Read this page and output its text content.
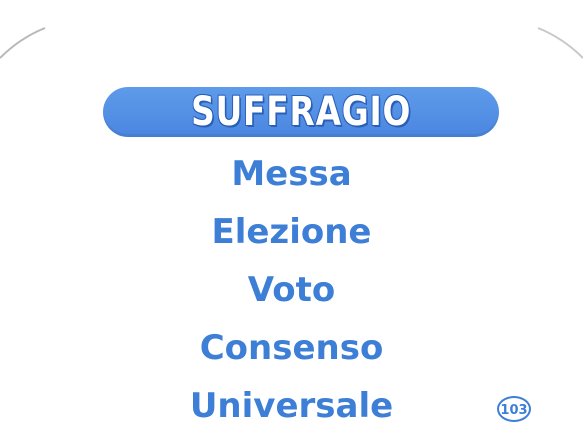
SUFFRAGIO
Messa
Elezione
Voto
Consenso
Universale	103
